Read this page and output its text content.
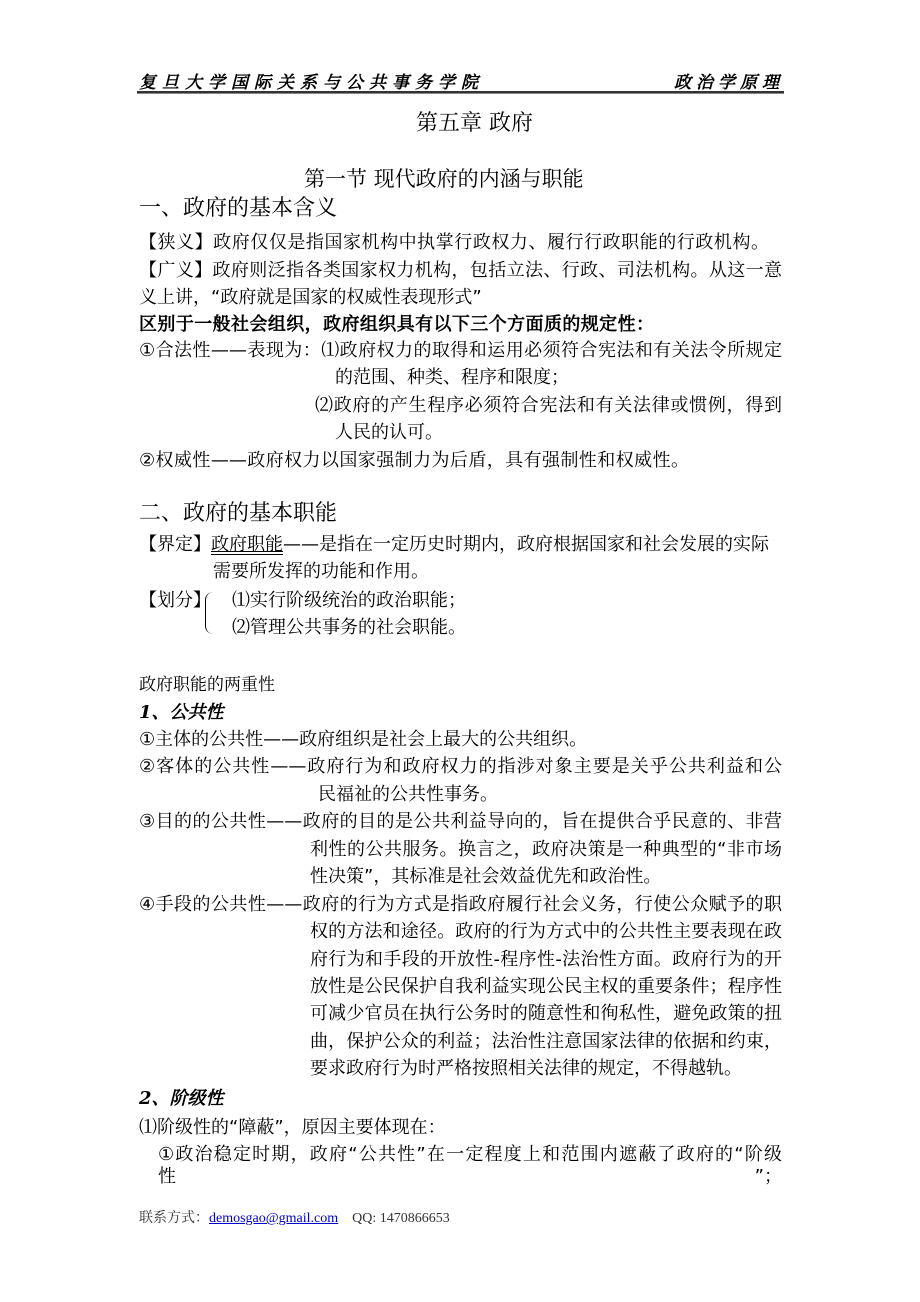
复旦大学国际关系与公共事务学院	政治学原理
第五章 政府
第一节 现代政府的内涵与职能
一、政府的基本含义
【狭义】政府仅仅是指国家机构中执掌行政权力、履行行政职能的行政机构。
【广义】政府则泛指各类国家权力机构，包括立法、行政、司法机构。从这一意
义上讲，“政府就是国家的权威性表现形式”
区别于一般社会组织，政府组织具有以下三个方面质的规定性：
①合法性——表现为：⑴政府权力的取得和运用必须符合宪法和有关法令所规定
的范围、种类、程序和限度；
⑵政府的产生程序必须符合宪法和有关法律或惯例，得到
人民的认可。
②权威性——政府权力以国家强制力为后盾，具有强制性和权威性。
二、政府的基本职能
【界定】政府职能——是指在一定历史时期内，政府根据国家和社会发展的实际
需要所发挥的功能和作用。
【划分】 ⑴实行阶级统治的政治职能；
⑵管理公共事务的社会职能。
政府职能的两重性
1、公共性
①主体的公共性——政府组织是社会上最大的公共组织。
②客体的公共性——政府行为和政府权力的指涉对象主要是关乎公共利益和公
民福祉的公共性事务。
③目的的公共性——政府的目的是公共利益导向的，旨在提供合乎民意的、非营
利性的公共服务。换言之，政府决策是一种典型的“非市场
性决策”，其标准是社会效益优先和政治性。
④手段的公共性——政府的行为方式是指政府履行社会义务，行使公众赋予的职
权的方法和途径。政府的行为方式中的公共性主要表现在政
府行为和手段的开放性-程序性-法治性方面。政府行为的开
放性是公民保护自我利益实现公民主权的重要条件；程序性
可减少官员在执行公务时的随意性和徇私性，避免政策的扭
曲，保护公众的利益；法治性注意国家法律的依据和约束，
要求政府行为时严格按照相关法律的规定，不得越轨。
2、阶级性
⑴阶级性的“障蔽”，原因主要体现在：
①政治稳定时期，政府“公共性”在一定程度上和范围内遮蔽了政府的“阶级性”；
联系方式：demosgao@gmail.com QQ: 1470866653
